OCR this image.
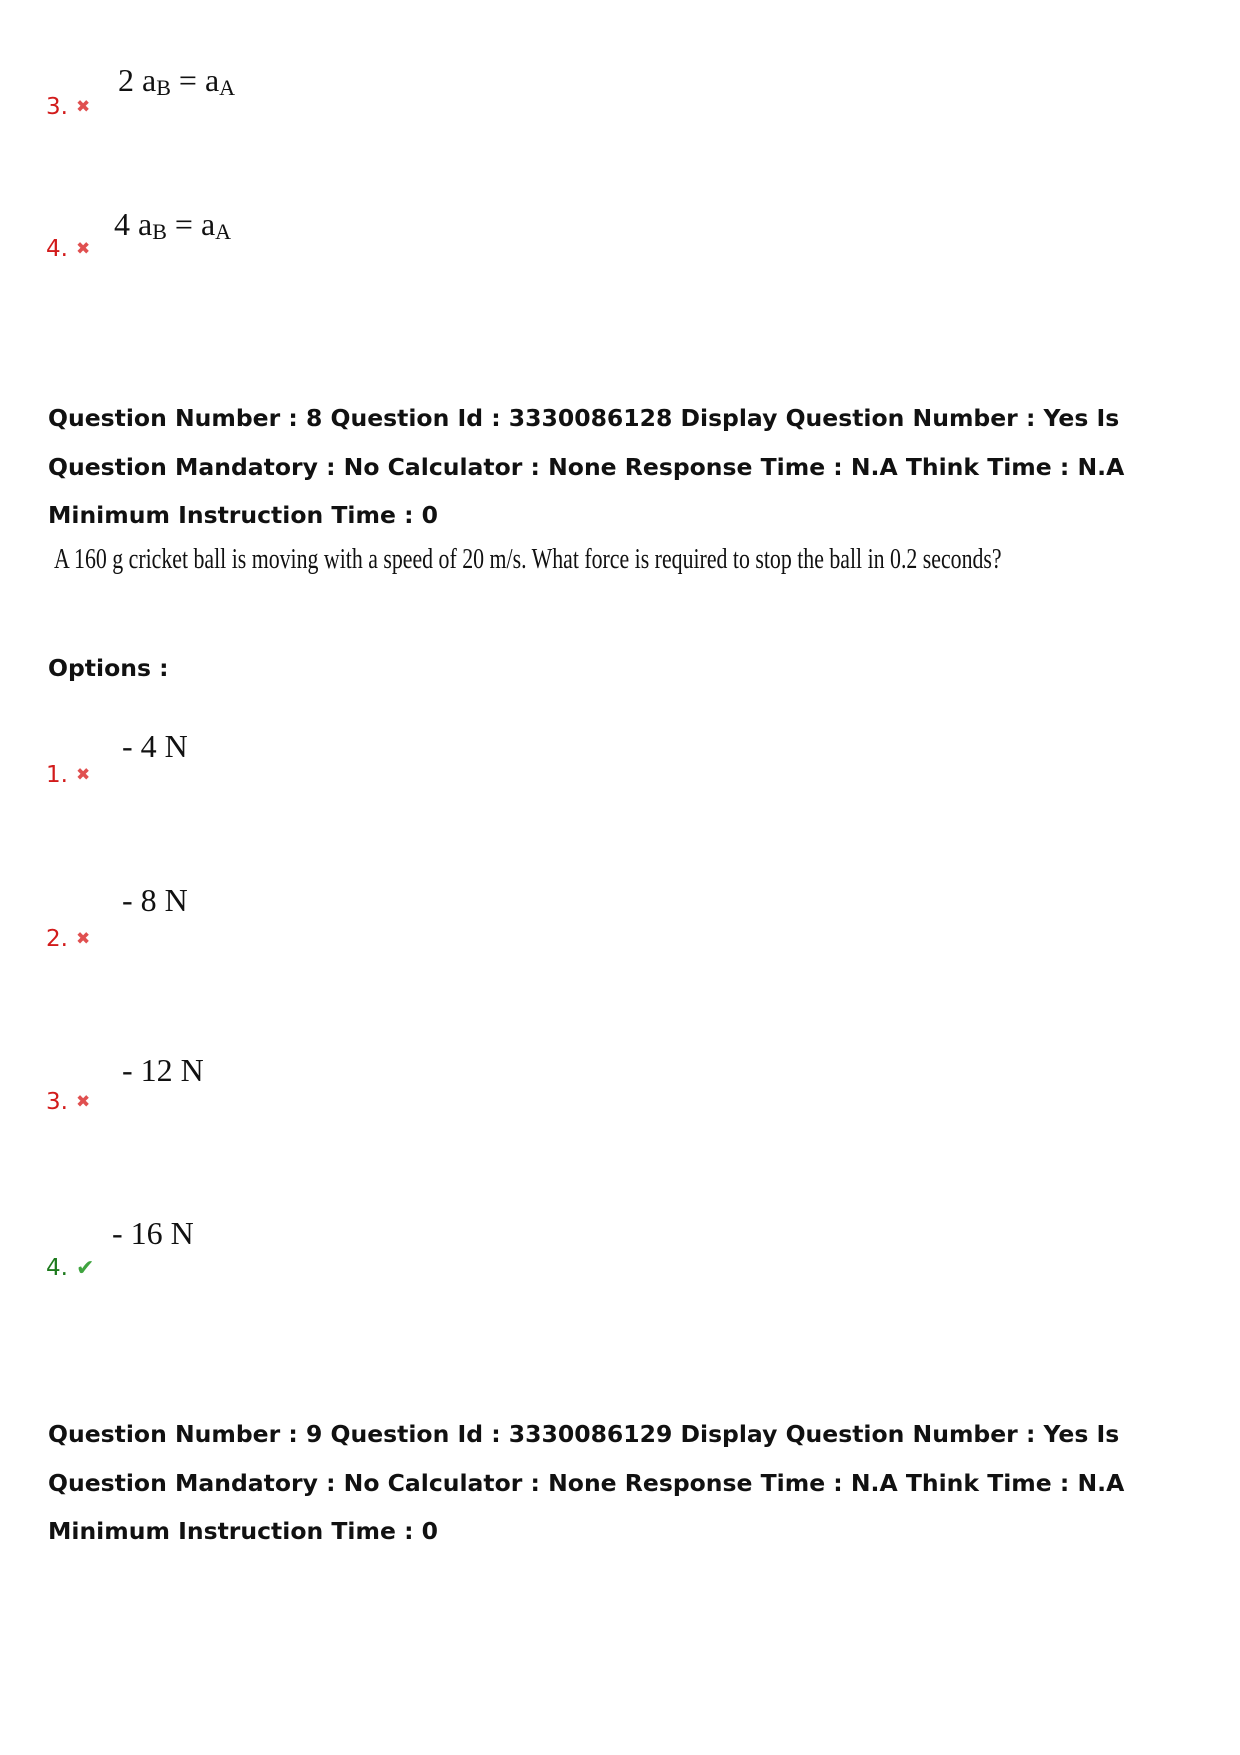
2 $a_B = a_A$
3. ✖
4 $a_B = a_A$
4. ✖
Question Number : 8 Question Id : 3330086128 Display Question Number : Yes Is Question Mandatory : No Calculator : None Response Time : N.A Think Time : N.A Minimum Instruction Time : 0
A 160 g cricket ball is moving with a speed of 20 m/s. What force is required to stop the ball in 0.2 seconds?
Options :
- 4 N
1. ✖
- 8 N
2. ✖
- 12 N
3. ✖
- 16 N
4. ✔
Question Number : 9 Question Id : 3330086129 Display Question Number : Yes Is Question Mandatory : No Calculator : None Response Time : N.A Think Time : N.A Minimum Instruction Time : 0
